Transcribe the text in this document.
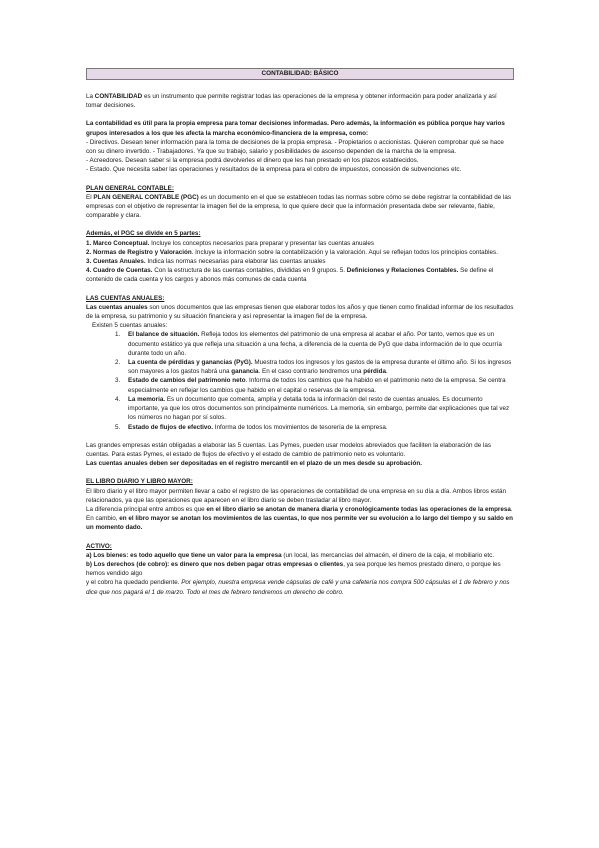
CONTABILIDAD: BÁSICO

La CONTABILIDAD es un instrumento que permite registrar todas las operaciones de la empresa y obtener información para poder analizarla y así tomar decisiones.

La contabilidad es útil para la propia empresa para tomar decisiones informadas. Pero además, la información es pública porque hay varios grupos interesados a los que les afecta la marcha económico-financiera de la empresa, como:

- Directivos. Desean tener información para la toma de decisiones de la propia empresa. - Propietarios o accionistas. Quieren comprobar qué se hace con su dinero invertido. - Trabajadores. Ya que su trabajo, salario y posibilidades de ascenso dependen de la marcha de la empresa.

- Acreedores. Desean saber si la empresa podrá devolverles el dinero que les han prestado en los plazos establecidos.

- Estado. Que necesita saber las operaciones y resultados de la empresa para el cobro de impuestos, concesión de subvenciones etc.

PLAN GENERAL CONTABLE:

El PLAN GENERAL CONTABLE (PGC) es un documento en el que se establecen todas las normas sobre cómo se debe registrar la contabilidad de las empresas con el objetivo de representar la imagen fiel de la empresa, lo que quiere decir que la información presentada debe ser relevante, fiable, comparable y clara.

Además, el PGC se divide en 5 partes:

1. Marco Conceptual. Incluye los conceptos necesarios para preparar y presentar las cuentas anuales

2. Normas de Registro y Valoración. Incluye la información sobre la contabilización y la valoración. Aquí se reflejan todos los principios contables.

3. Cuentas Anuales. Indica las normas necesarias para elaborar las cuentas anuales

4. Cuadro de Cuentas. Con la estructura de las cuentas contables, divididas en 9 grupos. 5. Definiciones y Relaciones Contables. Se define el contenido de cada cuenta y los cargos y abonos más comunes de cada cuenta

LAS CUENTAS ANUALES:

Las cuentas anuales son unos documentos que las empresas tienen que elaborar todos los años y que tienen como finalidad informar de los resultados de la empresa, su patrimonio y su situación financiera y así representar la imagen fiel de la empresa.

Existen 5 cuentas anuales:

1. El balance de situación. Refleja todos los elementos del patrimonio de una empresa al acabar el año. Por tanto, vemos que es un documento estático ya que refleja una situación a una fecha, a diferencia de la cuenta de PyG que daba información de lo que ocurría durante todo un año.
2. La cuenta de pérdidas y ganancias (PyG). Muestra todos los ingresos y los gastos de la empresa durante el último año. Si los ingresos son mayores a los gastos habrá una ganancia. En el caso contrario tendremos una pérdida.
3. Estado de cambios del patrimonio neto. Informa de todos los cambios que ha habido en el patrimonio neto de la empresa. Se centra especialmente en reflejar los cambios que habido en el capital o reservas de la empresa.
4. La memoria. Es un documento que comenta, amplía y detalla toda la información del resto de cuentas anuales. Es documento importante, ya que los otros documentos son principalmente numéricos. La memoria, sin embargo, permite dar explicaciones que tal vez los números no hagan por sí solos.
5. Estado de flujos de efectivo. Informa de todos los movimientos de tesorería de la empresa.

Las grandes empresas están obligadas a elaborar las 5 cuentas. Las Pymes, pueden usar modelos abreviados que faciliten la elaboración de las cuentas. Para estas Pymes, el estado de flujos de efectivo y el estado de cambio de patrimonio neto es voluntario.

Las cuentas anuales deben ser depositadas en el registro mercantil en el plazo de un mes desde su aprobación.

EL LIBRO DIARIO Y LIBRO MAYOR:

El libro diario y el libro mayor permiten llevar a cabo el registro de las operaciones de contabilidad de una empresa en su día a día. Ambos libros están relacionados, ya que las operaciones que aparecen en el libro diario se deben trasladar al libro mayor.

La diferencia principal entre ambos es que en el libro diario se anotan de manera diaria y cronológicamente todas las operaciones de la empresa. En cambio, en el libro mayor se anotan los movimientos de las cuentas, lo que nos permite ver su evolución a lo largo del tiempo y su saldo en un momento dado.

ACTIVO:

a) Los bienes: es todo aquello que tiene un valor para la empresa (un local, las mercancías del almacén, el dinero de la caja, el mobiliario etc.

b) Los derechos (de cobro): es dinero que nos deben pagar otras empresas o clientes, ya sea porque les hemos prestado dinero, o porque les hemos vendido algo

y el cobro ha quedado pendiente. Por ejemplo, nuestra empresa vende cápsulas de café y una cafetería nos compra 500 cápsulas el 1 de febrero y nos dice que nos pagará el 1 de marzo. Todo el mes de febrero tendremos un derecho de cobro.
